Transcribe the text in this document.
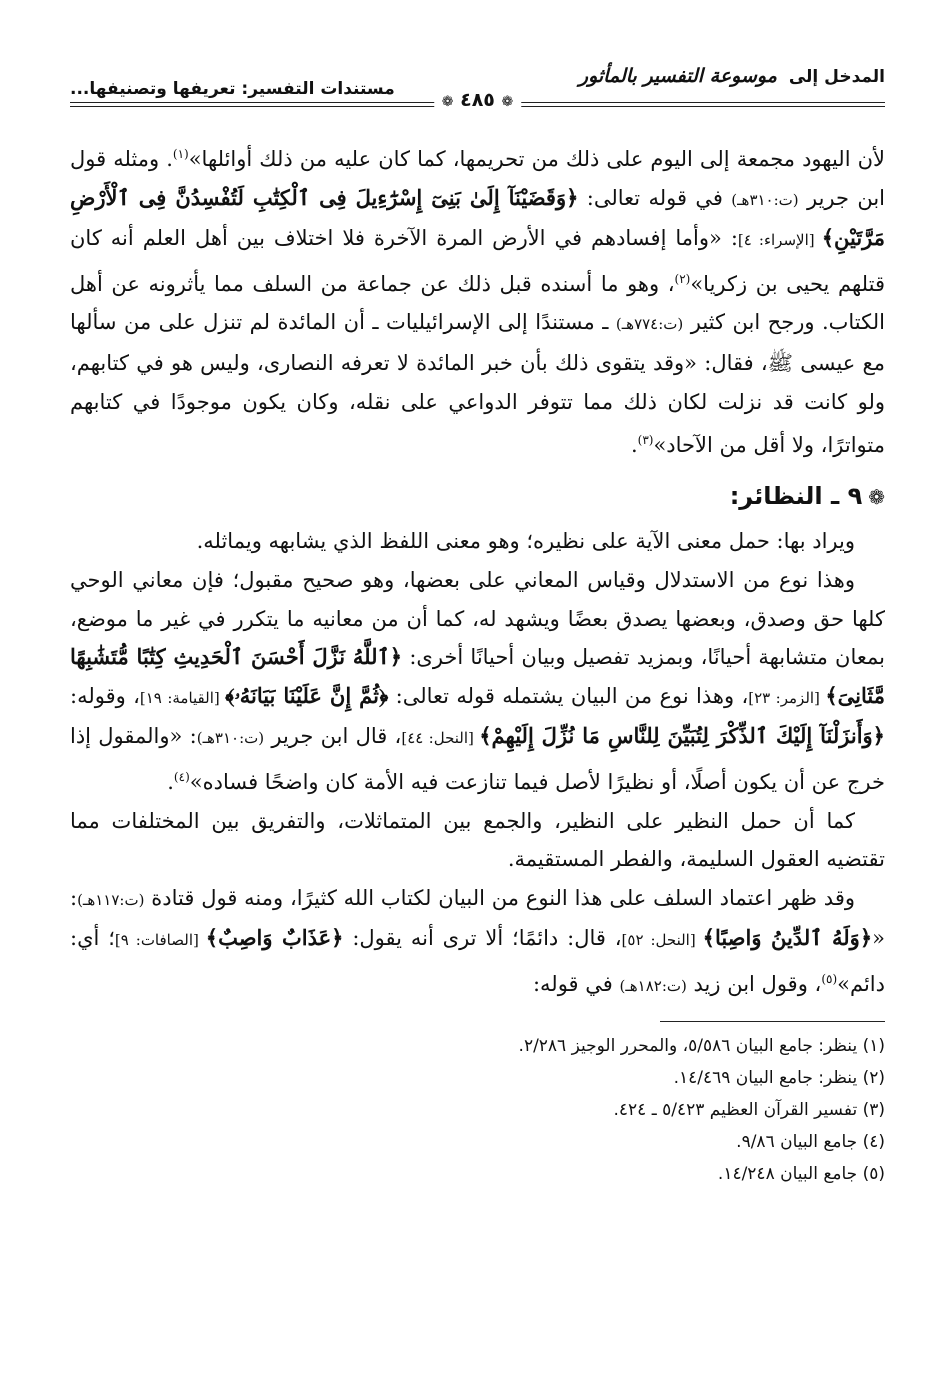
المدخل إلى موسوعة التفسير بالمأثور
مستندات التفسير: تعريفها وتصنيفها...
❁ ٤٨٥ ❁

لأن اليهود مجمعة إلى اليوم على ذلك من تحريمها، كما كان عليه من ذلك أوائلها»$^{(١)}$. ومثله قول ابن جرير (ت:٣١٠هـ) في قوله تعالى: ﴿وَقَضَيْنَآ إِلَىٰ بَنِىٓ إِسْرَٰٓءِيلَ فِى ٱلْكِتَٰبِ لَتُفْسِدُنَّ فِى ٱلْأَرْضِ مَرَّتَيْنِ﴾ [الإسراء: ٤]: «وأما إفسادهم في الأرض المرة الآخرة فلا اختلاف بين أهل العلم أنه كان قتلهم يحيى بن زكريا»$^{(٢)}$، وهو ما أسنده قبل ذلك عن جماعة من السلف مما يأثرونه عن أهل الكتاب. ورجح ابن كثير (ت:٧٧٤هـ) ـ مستندًا إلى الإسرائيليات ـ أن المائدة لم تنزل على من سألها مع عيسى ﷺ، فقال: «وقد يتقوى ذلك بأن خبر المائدة لا تعرفه النصارى، وليس هو في كتابهم، ولو كانت قد نزلت لكان ذلك مما تتوفر الدواعي على نقله، وكان يكون موجودًا في كتابهم متواترًا، ولا أقل من الآحاد»$^{(٣)}$.

❁٩ ـ النظائر:

ويراد بها: حمل معنى الآية على نظيره؛ وهو معنى اللفظ الذي يشابهه ويماثله.

وهذا نوع من الاستدلال وقياس المعاني على بعضها، وهو صحيح مقبول؛ فإن معاني الوحي كلها حق وصدق، وبعضها يصدق بعضًا ويشهد له، كما أن من معانيه ما يتكرر في غير ما موضع، بمعان متشابهة أحيانًا، وبمزيد تفصيل وبيان أحيانًا أخرى: ﴿ٱللَّهُ نَزَّلَ أَحْسَنَ ٱلْحَدِيثِ كِتَٰبًا مُّتَشَٰبِهًا مَّثَانِىَ﴾ [الزمر: ٢٣]، وهذا نوع من البيان يشتمله قوله تعالى: ﴿ثُمَّ إِنَّ عَلَيْنَا بَيَانَهُۥ﴾ [القيامة: ١٩]، وقوله: ﴿وَأَنزَلْنَآ إِلَيْكَ ٱلذِّكْرَ لِتُبَيِّنَ لِلنَّاسِ مَا نُزِّلَ إِلَيْهِمْ﴾ [النحل: ٤٤]، قال ابن جرير (ت:٣١٠هـ): «والمقول إذا خرج عن أن يكون أصلًا، أو نظيرًا لأصل فيما تنازعت فيه الأمة كان واضحًا فساده»$^{(٤)}$.

كما أن حمل النظير على النظير، والجمع بين المتماثلات، والتفريق بين المختلفات مما تقتضيه العقول السليمة، والفطر المستقيمة.

وقد ظهر اعتماد السلف على هذا النوع من البيان لكتاب الله كثيرًا، ومنه قول قتادة (ت:١١٧هـ): «﴿وَلَهُ ٱلدِّينُ وَاصِبًا﴾ [النحل: ٥٢]، قال: دائمًا؛ ألا ترى أنه يقول: ﴿عَذَابٌ وَاصِبٌ﴾ [الصافات: ٩]؛ أي: دائم»$^{(٥)}$، وقول ابن زيد (ت:١٨٢هـ) في قوله:

(١) ينظر: جامع البيان ٥/٥٨٦، والمحرر الوجيز ٢/٢٨٦.
(٢) ينظر: جامع البيان ١٤/٤٦٩.
(٣) تفسير القرآن العظيم ٥/٤٢٣ ـ ٤٢٤.
(٤) جامع البيان ٩/٨٦.
(٥) جامع البيان ١٤/٢٤٨.
